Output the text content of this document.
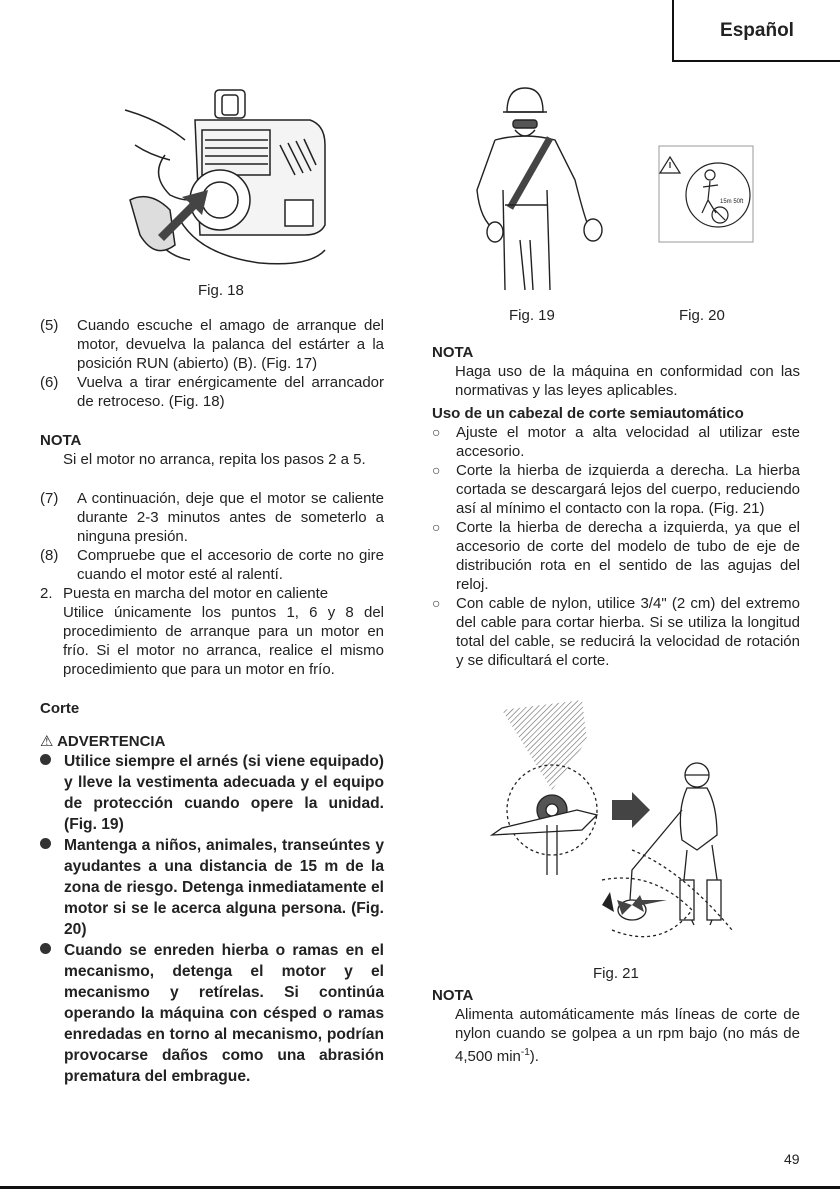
Español
Fig. 18
Fig. 19
15m 50ft
Fig. 20
(5)	Cuando escuche el amago de arranque del motor, devuelva la palanca del estárter a la posición RUN (abierto) (B). (Fig. 17)
(6)	Vuelva a tirar enérgicamente del arrancador de retroceso. (Fig. 18)
NOTA
Si el motor no arranca, repita los pasos 2 a 5.
(7)	A continuación, deje que el motor se caliente durante 2-3 minutos antes de someterlo a ninguna presión.
(8)	Compruebe que el accesorio de corte no gire cuando el motor esté al ralentí.
2. Puesta en marcha del motor en caliente
Utilice únicamente los puntos 1, 6 y 8 del procedimiento de arranque para un motor en frío. Si el motor no arranca, realice el mismo procedimiento que para un motor en frío.
Corte
⚠ ADVERTENCIA
Utilice siempre el arnés (si viene equipado) y lleve la vestimenta adecuada y el equipo de protección cuando opere la unidad. (Fig. 19)
Mantenga a niños, animales, transeúntes y ayudantes a una distancia de 15 m de la zona de riesgo. Detenga inmediatamente el motor si se le acerca alguna persona. (Fig. 20)
Cuando se enreden hierba o ramas en el mecanismo, detenga el motor y el mecanismo y retírelas. Si continúa operando la máquina con césped o ramas enredadas en torno al mecanismo, podrían provocarse daños como una abrasión prematura del embrague.
NOTA
Haga uso de la máquina en conformidad con las normativas y las leyes aplicables.
Uso de un cabezal de corte semiautomático
○	Ajuste el motor a alta velocidad al utilizar este accesorio.
○	Corte la hierba de izquierda a derecha. La hierba cortada se descargará lejos del cuerpo, reduciendo así al mínimo el contacto con la ropa. (Fig. 21)
○	Corte la hierba de derecha a izquierda, ya que el accesorio de corte del modelo de tubo de eje de distribución rota en el sentido de las agujas del reloj.
○	Con cable de nylon, utilice 3/4" (2 cm) del extremo del cable para cortar hierba. Si se utiliza la longitud total del cable, se reducirá la velocidad de rotación y se dificultará el corte.
Fig. 21
NOTA
Alimenta automáticamente más líneas de corte de nylon cuando se golpea a un rpm bajo (no más de 4,500 $\min^{-1}$).
49
